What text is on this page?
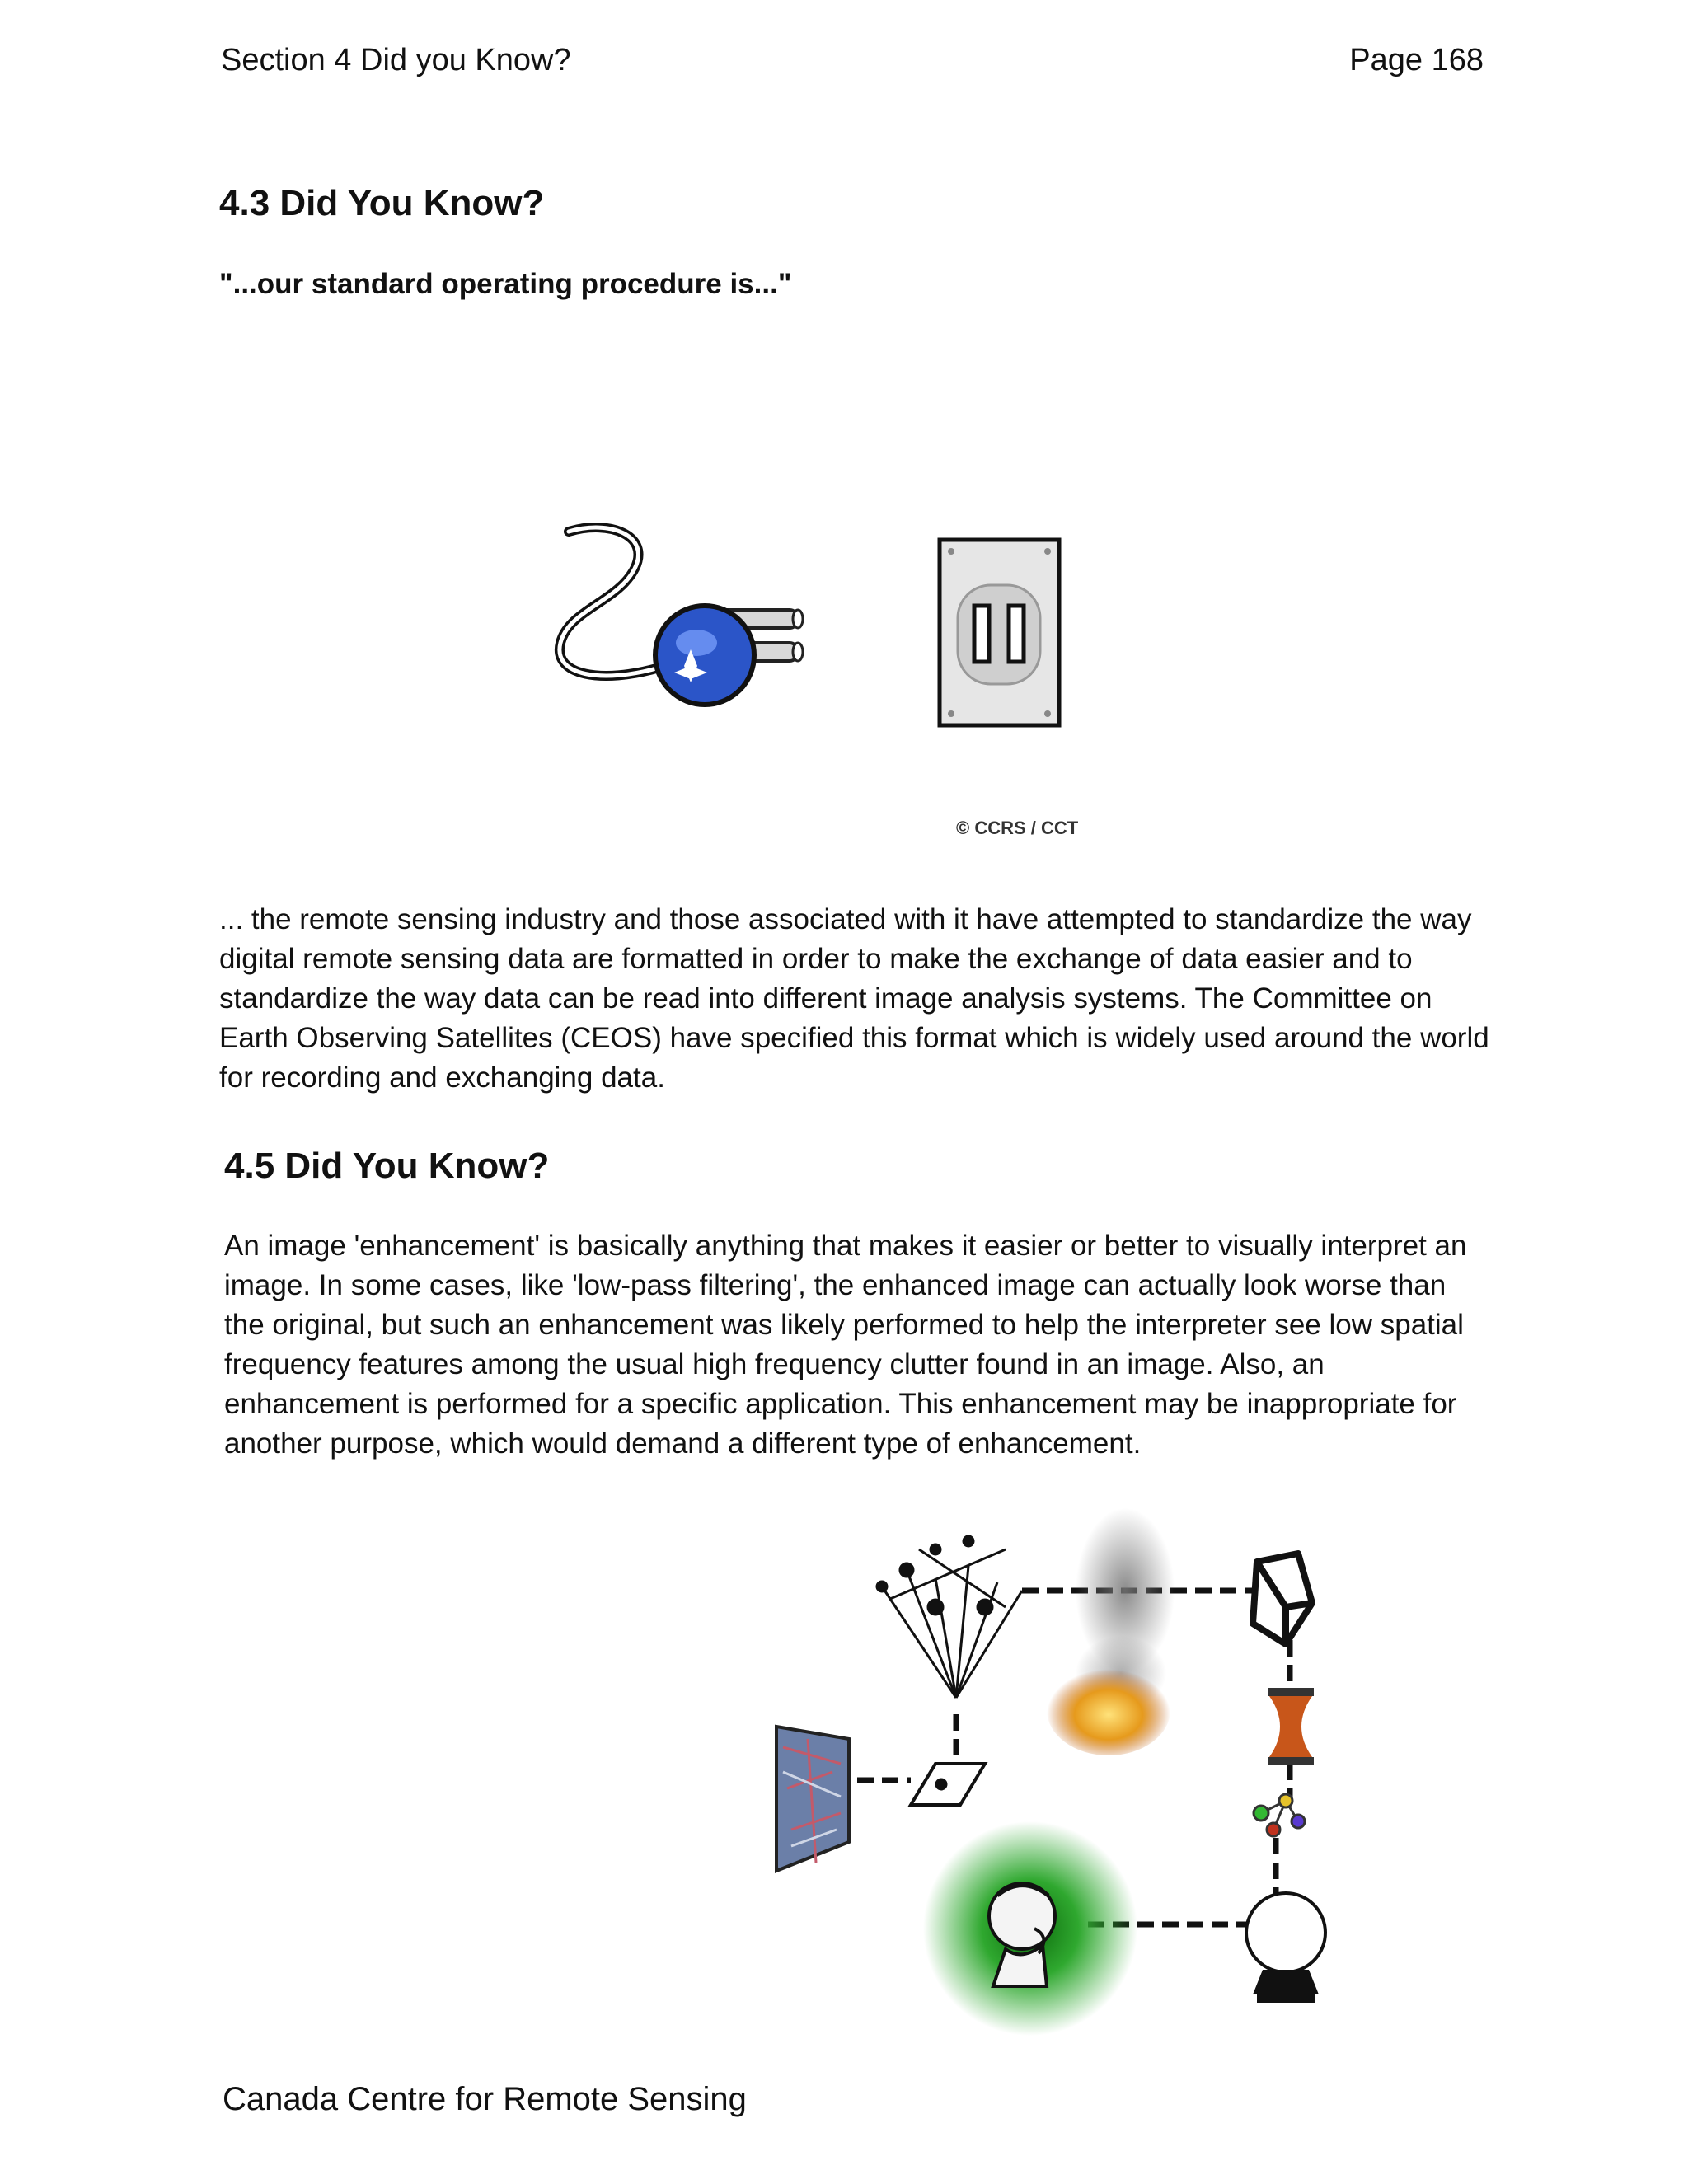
Section 4 Did you Know?	Page 168
4.3 Did You Know?
"...our standard operating procedure is..."
© CCRS / CCT
... the remote sensing industry and those associated with it have attempted to standardize the way digital remote sensing data are formatted in order to make the exchange of data easier and to standardize the way data can be read into different image analysis systems. The Committee on Earth Observing Satellites (CEOS) have specified this format which is widely used around the world for recording and exchanging data.
4.5 Did You Know?
An image 'enhancement' is basically anything that makes it easier or better to visually interpret an image. In some cases, like 'low-pass filtering', the enhanced image can actually look worse than the original, but such an enhancement was likely performed to help the interpreter see low spatial frequency features among the usual high frequency clutter found in an image. Also, an enhancement is performed for a specific application. This enhancement may be inappropriate for another purpose, which would demand a different type of enhancement.
Canada Centre for Remote Sensing
